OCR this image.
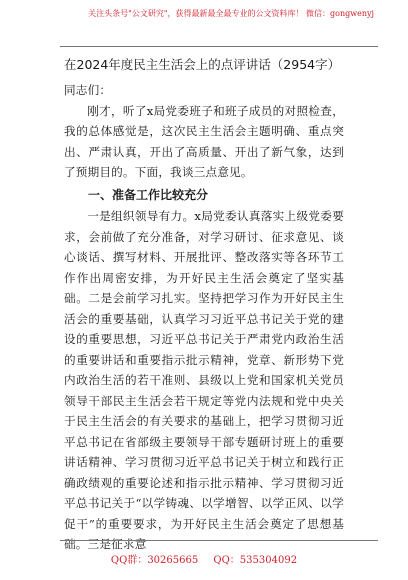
关注头条号"公文研究"，获得最新最全最专业的公文资料库！ 微信：gongwenyj
在2024年度民主生活会上的点评讲话（2954字）

同志们：

刚才，听了x局党委班子和班子成员的对照检查，我的总体感觉是，这次民主生活会主题明确、重点突出、严肃认真，开出了高质量、开出了新气象，达到了预期目的。下面，我谈三点意见。

一、准备工作比较充分

一是组织领导有力。x局党委认真落实上级党委要求，会前做了充分准备，对学习研讨、征求意见、谈心谈话、撰写材料、开展批评、整改落实等各环节工作作出周密安排，为开好民主生活会奠定了坚实基础。二是会前学习扎实。坚持把学习作为开好民主生活会的重要基础，认真学习习近平总书记关于党的建设的重要思想，习近平总书记关于严肃党内政治生活的重要讲话和重要指示批示精神，党章、新形势下党内政治生活的若干准则、县级以上党和国家机关党员领导干部民主生活会若干规定等党内法规和党中央关于民主生活会的有关要求的基础上，把学习贯彻习近平总书记在省部级主要领导干部专题研讨班上的重要讲话精神、学习贯彻习近平总书记关于树立和践行正确政绩观的重要论述和指示批示精神、学习贯彻习近平总书记关于“以学铸魂、以学增智、以学正风、以学促干”的重要要求，为开好民主生活会奠定了思想基础。三是征求意

QQ群：30265665 QQ：535304092
